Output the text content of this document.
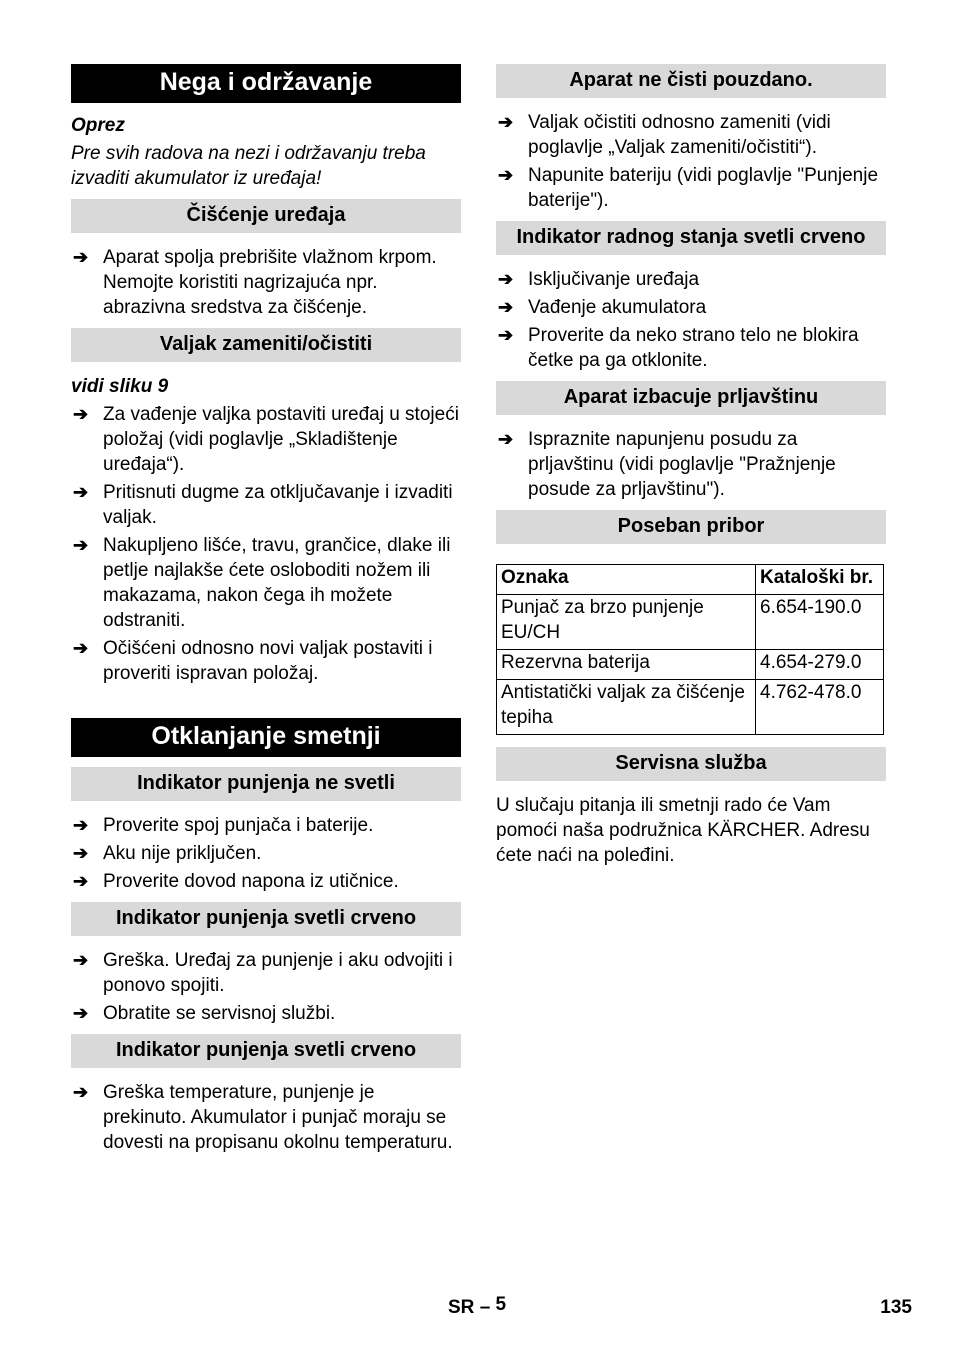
Nega i održavanje
Oprez
Pre svih radova na nezi i održavanju treba izvaditi akumulator iz uređaja!
Čišćenje uređaja
➔ Aparat spolja prebrišite vlažnom krpom. Nemojte koristiti nagrizajuća npr. abrazivna sredstva za čišćenje.
Valjak zameniti/očistiti
vidi sliku 9
➔ Za vađenje valjka postaviti uređaj u stojeći položaj (vidi poglavlje „Skladištenje uređaja“).
➔ Pritisnuti dugme za otključavanje i izvaditi valjak.
➔ Nakupljeno lišće, travu, grančice, dlake ili petlje najlakše ćete osloboditi nožem ili makazama, nakon čega ih možete odstraniti.
➔ Očišćeni odnosno novi valjak postaviti i proveriti ispravan položaj.
Otklanjanje smetnji
Indikator punjenja ne svetli
➔ Proverite spoj punjača i baterije.
➔ Aku nije priključen.
➔ Proverite dovod napona iz utičnice.
Indikator punjenja svetli crveno
➔ Greška. Uređaj za punjenje i aku odvojiti i ponovo spojiti.
➔ Obratite se servisnoj službi.
Indikator punjenja svetli crveno
➔ Greška temperature, punjenje je prekinuto. Akumulator i punjač moraju se dovesti na propisanu okolnu temperaturu.
Aparat ne čisti pouzdano.
➔ Valjak očistiti odnosno zameniti (vidi poglavlje „Valjak zameniti/očistiti“).
➔ Napunite bateriju (vidi poglavlje "Punjenje baterije").
Indikator radnog stanja svetli crveno
➔ Isključivanje uređaja
➔ Vađenje akumulatora
➔ Proverite da neko strano telo ne blokira četke pa ga otklonite.
Aparat izbacuje prljavštinu
➔ Ispraznite napunjenu posudu za prljavštinu (vidi poglavlje "Pražnjenje posude za prljavštinu").
Poseban pribor
Oznaka	Kataloški br.
Punjač za brzo punjenje EU/CH	6.654-190.0
Rezervna baterija	4.654-279.0
Antistatički valjak za čišćenje tepiha	4.762-478.0
Servisna služba
U slučaju pitanja ili smetnji rado će Vam pomoći naša podružnica KÄRCHER. Adresu ćete naći na poleđini.
SR – 5	135
